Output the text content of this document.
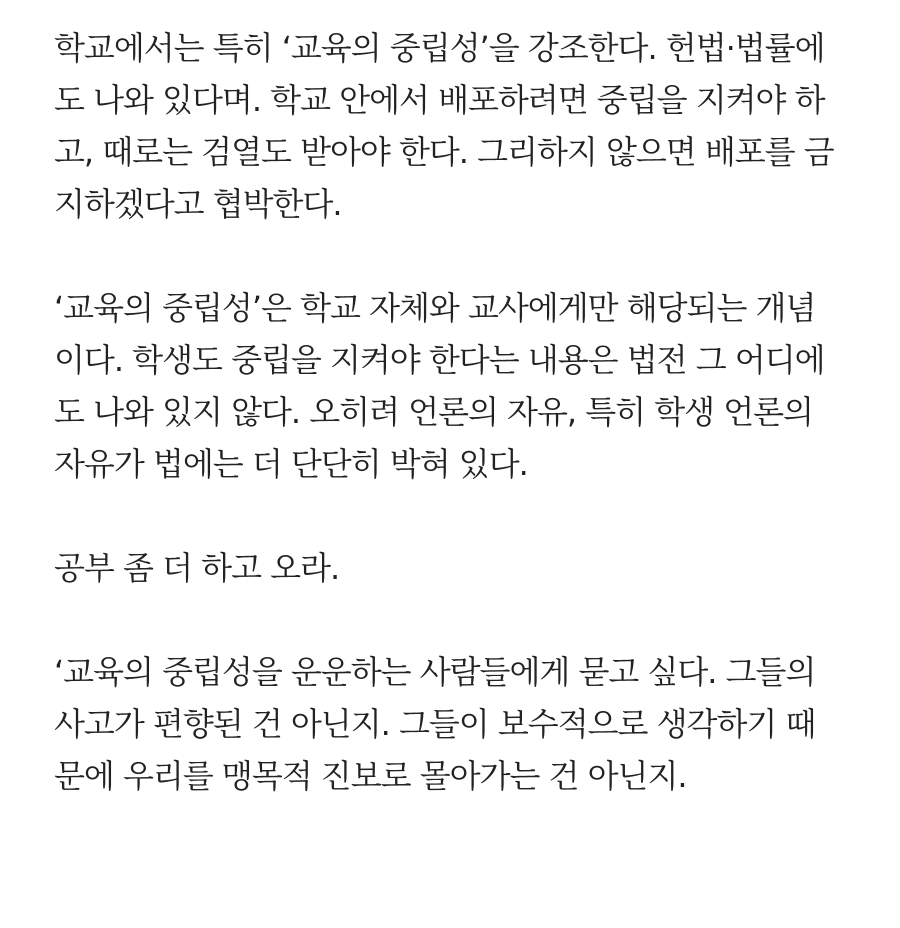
학교에서는 특히 ‘교육의 중립성’을 강조한다. 헌법·법률에
도 나와 있다며. 학교 안에서 배포하려면 중립을 지켜야 하
고, 때로는 검열도 받아야 한다. 그리하지 않으면 배포를 금
지하겠다고 협박한다.

‘교육의 중립성’은 학교 자체와 교사에게만 해당되는 개념
이다. 학생도 중립을 지켜야 한다는 내용은 법전 그 어디에
도 나와 있지 않다. 오히려 언론의 자유, 특히 학생 언론의
자유가 법에는 더 단단히 박혀 있다.

공부 좀 더 하고 오라.

‘교육의 중립성을 운운하는 사람들에게 묻고 싶다. 그들의
사고가 편향된 건 아닌지. 그들이 보수적으로 생각하기 때
문에 우리를 맹목적 진보로 몰아가는 건 아닌지.
